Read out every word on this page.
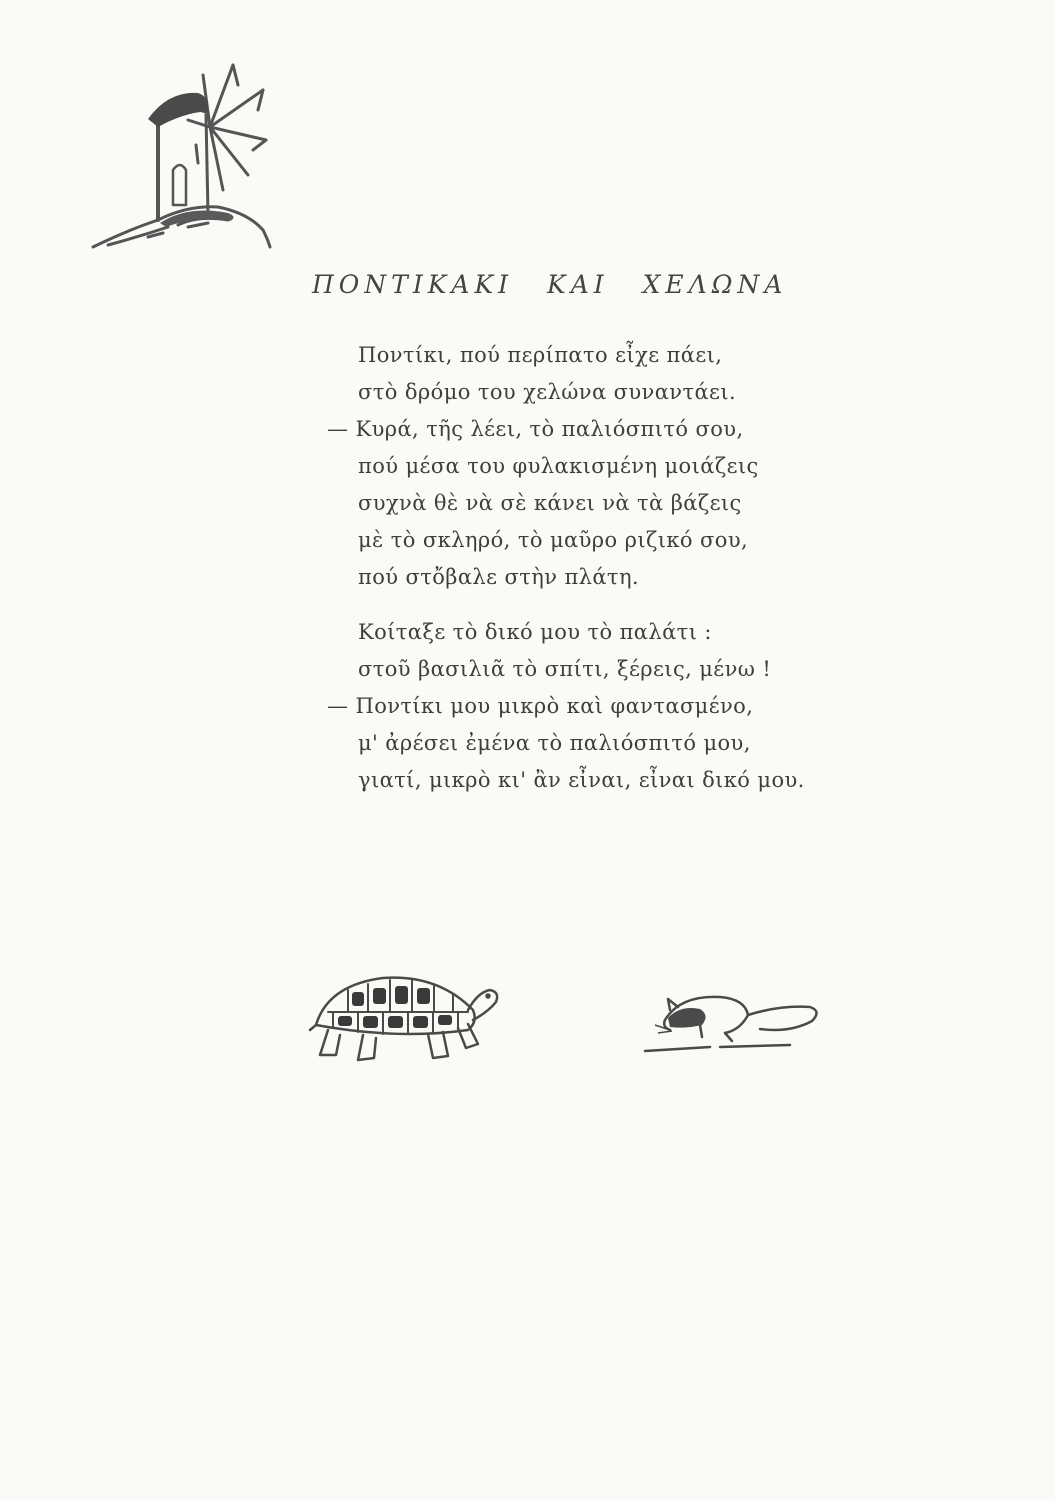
ΠΟΝΤΙΚΑΚΙ ΚΑΙ ΧΕΛΩΝΑ
Ποντίκι, πού περίπατο εἶχε πάει,
στὸ δρόμο του χελώνα συναντάει.
— Κυρά, τῆς λέει, τὸ παλιόσπιτό σου,
πού μέσα του φυλακισμένη μοιάζεις
συχνὰ θὲ νὰ σὲ κάνει νὰ τὰ βάζεις
μὲ τὸ σκληρό, τὸ μαῦρο ριζικό σου,
πού στὄβαλε στὴν πλάτη.
Κοίταξε τὸ δικό μου τὸ παλάτι :
στοῦ βασιλιᾶ τὸ σπίτι, ξέρεις, μένω !
— Ποντίκι μου μικρὸ καὶ φαντασμένο,
μ' ἀρέσει ἐμένα τὸ παλιόσπιτό μου,
γιατί, μικρὸ κι' ἂν εἶναι, εἶναι δικό μου.
